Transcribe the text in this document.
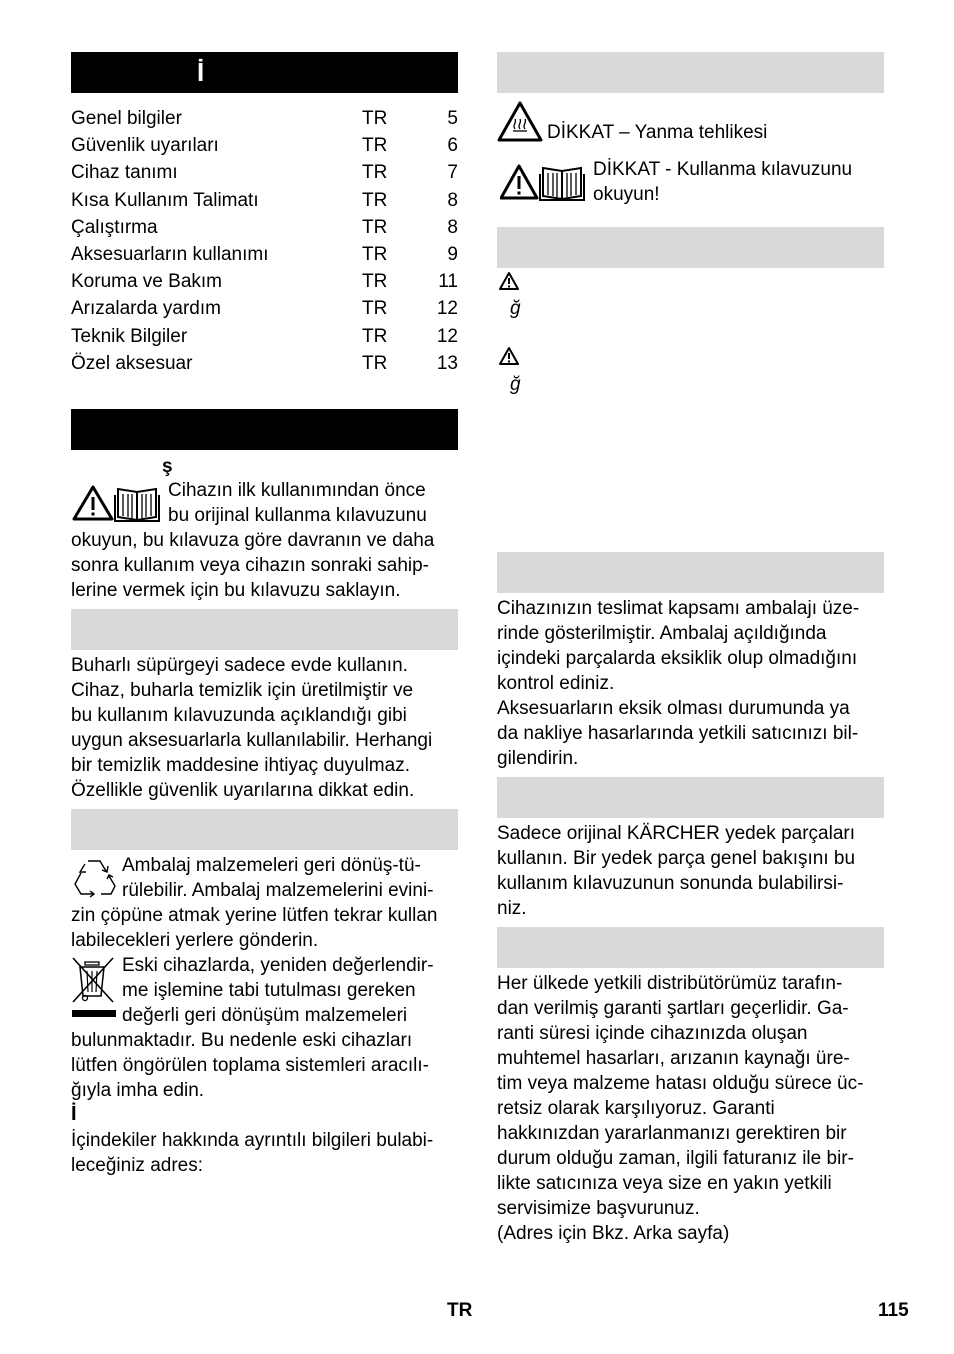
İ
Genel bilgiler	TR	5
Güvenlik uyarıları	TR	6
Cihaz tanımı	TR	7
Kısa Kullanım Talimatı	TR	8
Çalıştırma	TR	8
Aksesuarların kullanımı	TR	9
Koruma ve Bakım	TR	11
Arızalarda yardım	TR	12
Teknik Bilgiler	TR	12
Özel aksesuar	TR	13
ş

Cihazın ilk kullanımından önce

bu orijinal kullanma kılavuzunu

okuyun, bu kılavuza göre davranın ve daha

sonra kullanım veya cihazın sonraki sahip-

lerine vermek için bu kılavuzu saklayın.

Buharlı süpürgeyi sadece evde kullanın.

Cihaz, buharla temizlik için üretilmiştir ve

bu kullanım kılavuzunda açıklandığı gibi

uygun aksesuarlarla kullanılabilir. Herhangi

bir temizlik maddesine ihtiyaç duyulmaz.

Özellikle güvenlik uyarılarına dikkat edin.

Ambalaj malzemeleri geri dönüş-tü-

rülebilir. Ambalaj malzemelerini evini-

zin çöpüne atmak yerine lütfen tekrar kullan

labilecekleri yerlere gönderin.

Eski cihazlarda, yeniden değerlendir-

me işlemine tabi tutulması gereken

değerli geri dönüşüm malzemeleri

bulunmaktadır. Bu nedenle eski cihazları

lütfen öngörülen toplama sistemleri aracılı-

ğıyla imha edin.

İ

İçindekiler hakkında ayrıntılı bilgileri bulabi-

leceğiniz adres:

DİKKAT – Yanma tehlikesi

DİKKAT - Kullanma kılavuzunu

okuyun!

ğ
ğ

Cihazınızın teslimat kapsamı ambalajı üze-

rinde gösterilmiştir. Ambalaj açıldığında

içindeki parçalarda eksiklik olup olmadığını

kontrol ediniz.

Aksesuarların eksik olması durumunda ya

da nakliye hasarlarında yetkili satıcınızı bil-

gilendirin.

Sadece orijinal KÄRCHER yedek parçaları

kullanın. Bir yedek parça genel bakışını bu

kullanım kılavuzunun sonunda bulabilirsi-

niz.

Her ülkede yetkili distribütörümüz tarafın-

dan verilmiş garanti şartları geçerlidir. Ga-

ranti süresi içinde cihazınızda oluşan

muhtemel hasarları, arızanın kaynağı üre-

tim veya malzeme hatası olduğu sürece üc-

retsiz olarak karşılıyoruz. Garanti

hakkınızdan yararlanmanızı gerektiren bir

durum olduğu zaman, ilgili faturanız ile bir-

likte satıcınıza veya size en yakın yetkili

servisimize başvurunuz.

(Adres için Bkz. Arka sayfa)

TR	115
